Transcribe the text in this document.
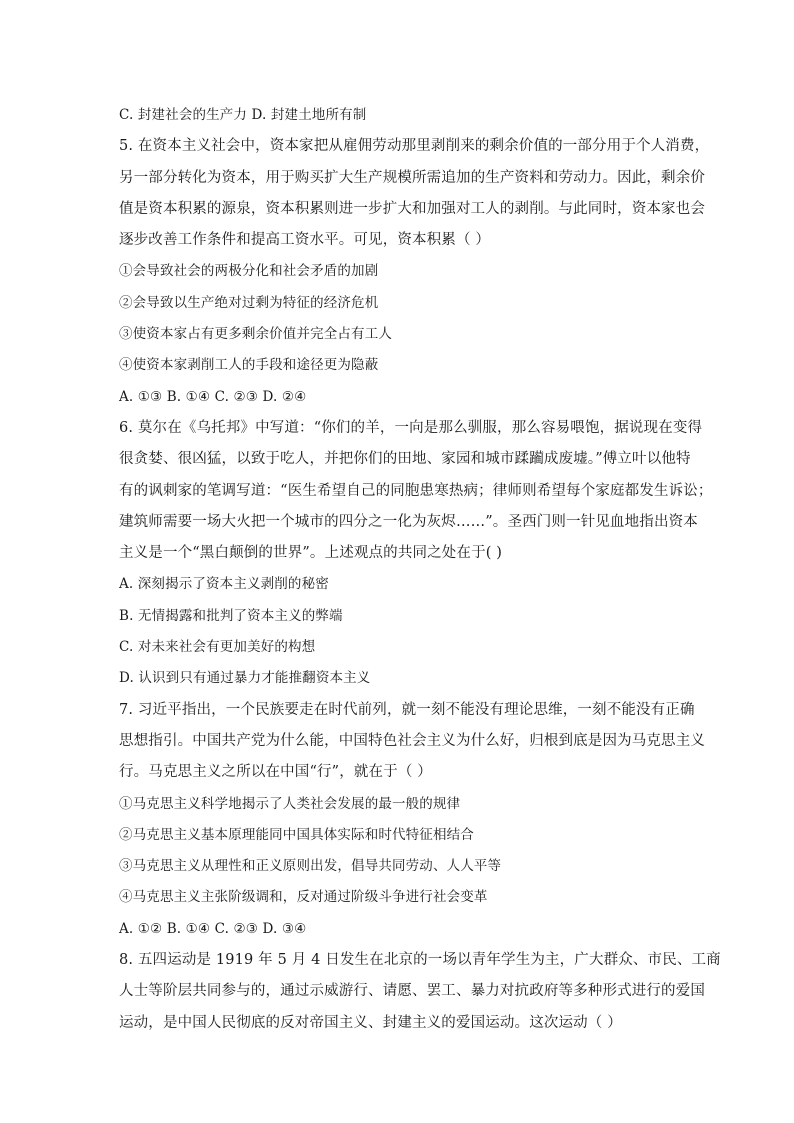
C. 封建社会的生产力 D. 封建土地所有制
5. 在资本主义社会中，资本家把从雇佣劳动那里剥削来的剩余价值的一部分用于个人消费，
另一部分转化为资本，用于购买扩大生产规模所需追加的生产资料和劳动力。因此，剩余价
值是资本积累的源泉，资本积累则进一步扩大和加强对工人的剥削。与此同时，资本家也会
逐步改善工作条件和提高工资水平。可见，资本积累（ ）
①会导致社会的两极分化和社会矛盾的加剧
②会导致以生产绝对过剩为特征的经济危机
③使资本家占有更多剩余价值并完全占有工人
④使资本家剥削工人的手段和途径更为隐蔽
A. ①③ B. ①④ C. ②③ D. ②④
6. 莫尔在《乌托邦》中写道：“你们的羊，一向是那么驯服，那么容易喂饱，据说现在变得
很贪婪、很凶猛，以致于吃人，并把你们的田地、家园和城市蹂躏成废墟。”傅立叶以他特
有的讽刺家的笔调写道：“医生希望自己的同胞患寒热病；律师则希望每个家庭都发生诉讼；
建筑师需要一场大火把一个城市的四分之一化为灰烬……”。圣西门则一针见血地指出资本
主义是一个“黑白颠倒的世界”。上述观点的共同之处在于( )
A. 深刻揭示了资本主义剥削的秘密
B. 无情揭露和批判了资本主义的弊端
C. 对未来社会有更加美好的构想
D. 认识到只有通过暴力才能推翻资本主义
7. 习近平指出，一个民族要走在时代前列，就一刻不能没有理论思维，一刻不能没有正确
思想指引。中国共产党为什么能，中国特色社会主义为什么好，归根到底是因为马克思主义
行。马克思主义之所以在中国“行”，就在于（ ）
①马克思主义科学地揭示了人类社会发展的最一般的规律
②马克思主义基本原理能同中国具体实际和时代特征相结合
③马克思主义从理性和正义原则出发，倡导共同劳动、人人平等
④马克思主义主张阶级调和，反对通过阶级斗争进行社会变革
A. ①② B. ①④ C. ②③ D. ③④
8. 五四运动是 1919 年 5 月 4 日发生在北京的一场以青年学生为主，广大群众、市民、工商
人士等阶层共同参与的，通过示威游行、请愿、罢工、暴力对抗政府等多种形式进行的爱国
运动，是中国人民彻底的反对帝国主义、封建主义的爱国运动。这次运动（ ）
